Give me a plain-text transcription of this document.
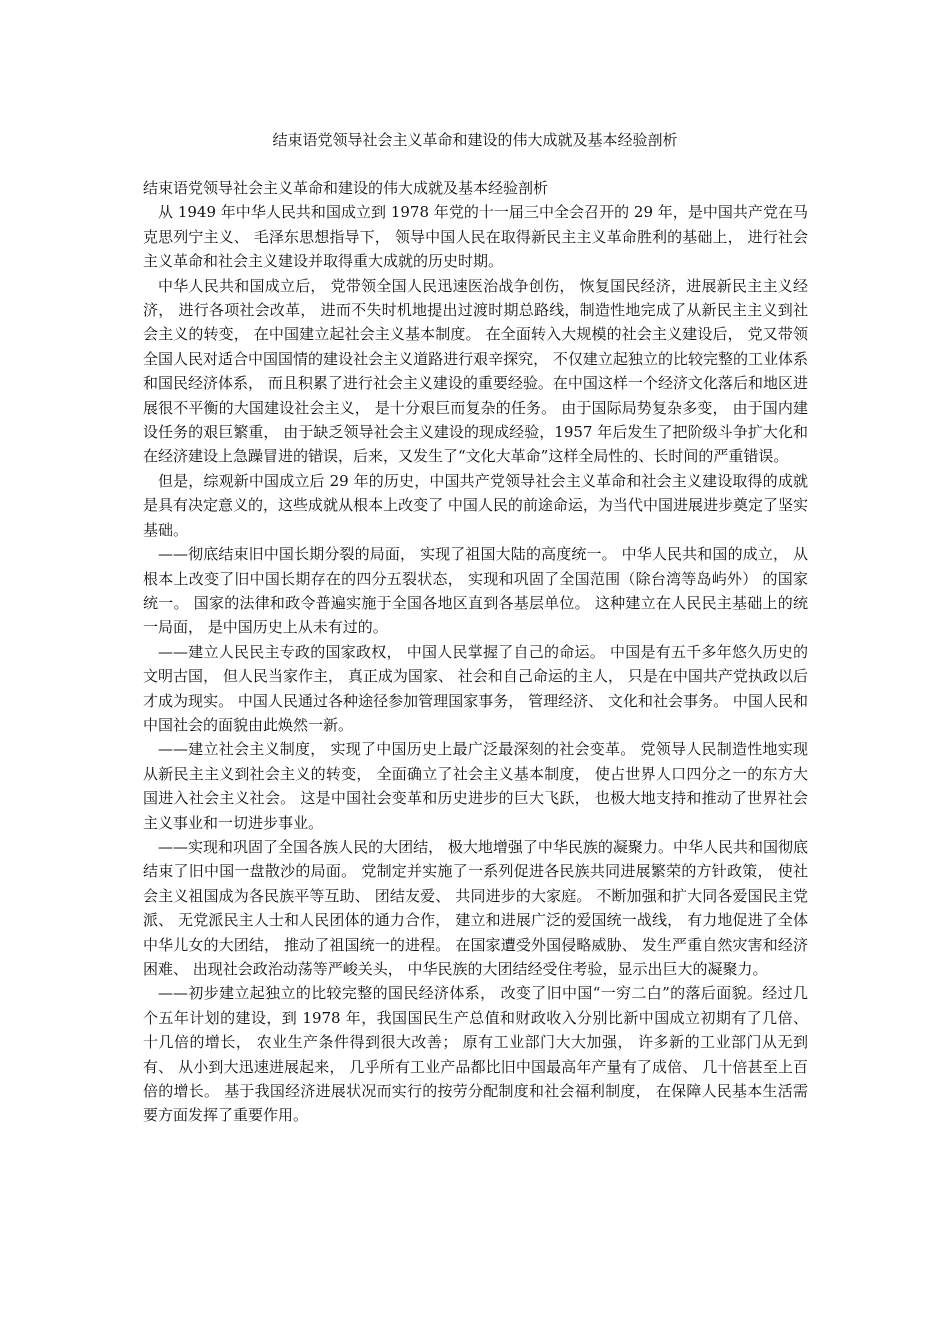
结束语党领导社会主义革命和建设的伟大成就及基本经验剖析

结束语党领导社会主义革命和建设的伟大成就及基本经验剖析

从 1949 年中华人民共和国成立到 1978 年党的十一届三中全会召开的 29 年，是中国共产党在马克思列宁主义、 毛泽东思想指导下， 领导中国人民在取得新民主主义革命胜利的基础上， 进行社会主义革命和社会主义建设并取得重大成就的历史时期。

中华人民共和国成立后， 党带领全国人民迅速医治战争创伤， 恢复国民经济，进展新民主主义经济， 进行各项社会改革， 进而不失时机地提出过渡时期总路线，制造性地完成了从新民主主义到社会主义的转变， 在中国建立起社会主义基本制度。 在全面转入大规模的社会主义建设后， 党又带领全国人民对适合中国国情的建设社会主义道路进行艰辛探究， 不仅建立起独立的比较完整的工业体系和国民经济体系， 而且积累了进行社会主义建设的重要经验。在中国这样一个经济文化落后和地区进展很不平衡的大国建设社会主义， 是十分艰巨而复杂的任务。 由于国际局势复杂多变， 由于国内建设任务的艰巨繁重， 由于缺乏领导社会主义建设的现成经验，1957 年后发生了把阶级斗争扩大化和在经济建设上急躁冒进的错误，后来，又发生了“文化大革命”这样全局性的、长时间的严重错误。

但是，综观新中国成立后 29 年的历史，中国共产党领导社会主义革命和社会主义建设取得的成就是具有决定意义的，这些成就从根本上改变了 中国人民的前途命运，为当代中国进展进步奠定了坚实基础。

——彻底结束旧中国长期分裂的局面， 实现了祖国大陆的高度统一。 中华人民共和国的成立， 从根本上改变了旧中国长期存在的四分五裂状态， 实现和巩固了全国范围（除台湾等岛屿外） 的国家统一。 国家的法律和政令普遍实施于全国各地区直到各基层单位。 这种建立在人民民主基础上的统一局面， 是中国历史上从未有过的。

——建立人民民主专政的国家政权， 中国人民掌握了自己的命运。 中国是有五千多年悠久历史的文明古国， 但人民当家作主， 真正成为国家、 社会和自己命运的主人， 只是在中国共产党执政以后才成为现实。 中国人民通过各种途径参加管理国家事务， 管理经济、 文化和社会事务。 中国人民和中国社会的面貌由此焕然一新。

——建立社会主义制度， 实现了中国历史上最广泛最深刻的社会变革。 党领导人民制造性地实现从新民主主义到社会主义的转变， 全面确立了社会主义基本制度， 使占世界人口四分之一的东方大国进入社会主义社会。 这是中国社会变革和历史进步的巨大飞跃， 也极大地支持和推动了世界社会主义事业和一切进步事业。

——实现和巩固了全国各族人民的大团结， 极大地增强了中华民族的凝聚力。中华人民共和国彻底结束了旧中国一盘散沙的局面。 党制定并实施了一系列促进各民族共同进展繁荣的方针政策， 使社会主义祖国成为各民族平等互助、 团结友爱、 共同进步的大家庭。 不断加强和扩大同各爱国民主党派、 无党派民主人士和人民团体的通力合作， 建立和进展广泛的爱国统一战线， 有力地促进了全体中华儿女的大团结， 推动了祖国统一的进程。 在国家遭受外国侵略威胁、 发生严重自然灾害和经济困难、 出现社会政治动荡等严峻关头， 中华民族的大团结经受住考验，显示出巨大的凝聚力。

——初步建立起独立的比较完整的国民经济体系， 改变了旧中国“一穷二白”的落后面貌。经过几个五年计划的建设，到 1978 年，我国国民生产总值和财政收入分别比新中国成立初期有了几倍、 十几倍的增长， 农业生产条件得到很大改善； 原有工业部门大大加强， 许多新的工业部门从无到有、 从小到大迅速进展起来， 几乎所有工业产品都比旧中国最高年产量有了成倍、 几十倍甚至上百倍的增长。 基于我国经济进展状况而实行的按劳分配制度和社会福利制度， 在保障人民基本生活需要方面发挥了重要作用。
